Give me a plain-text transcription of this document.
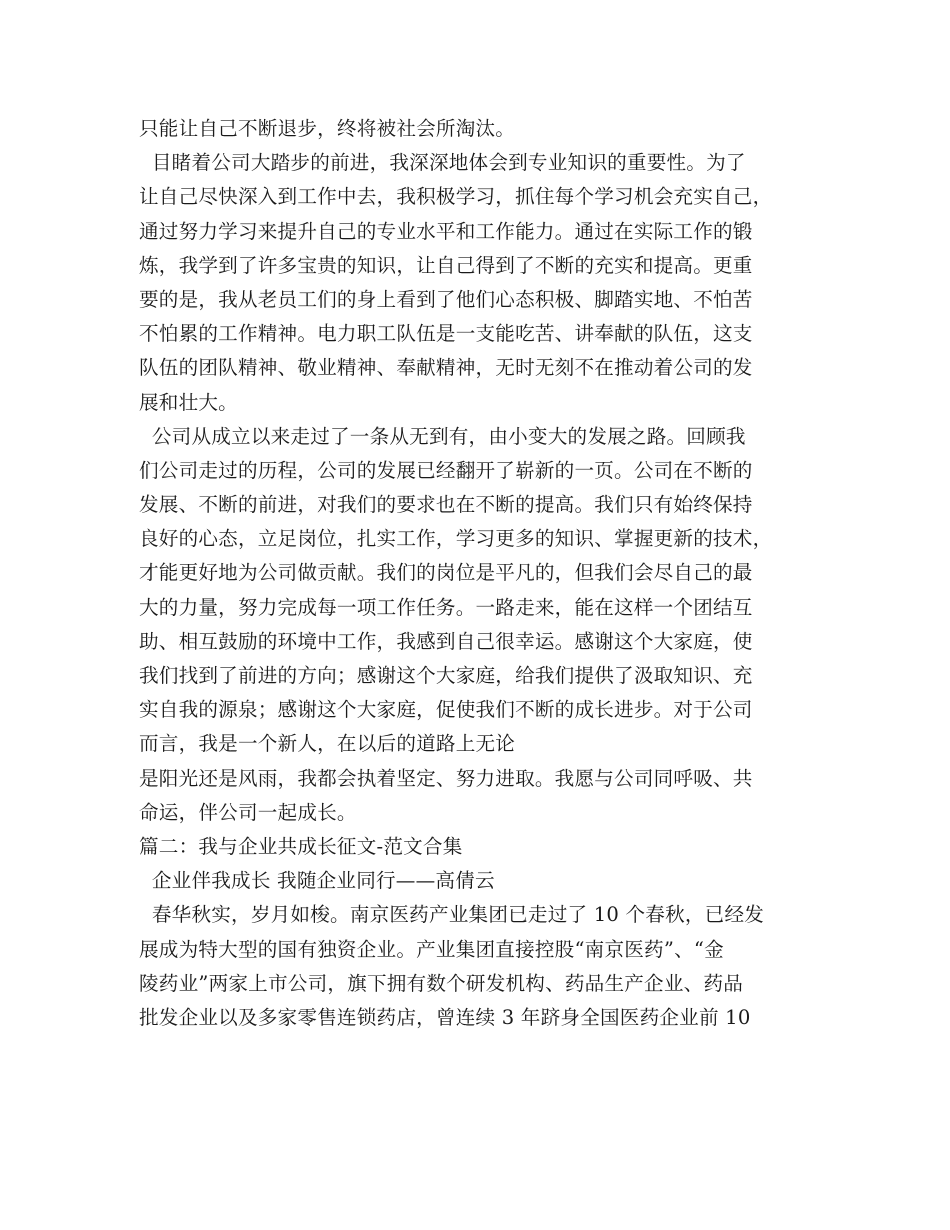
只能让自己不断退步，终将被社会所淘汰。
目睹着公司大踏步的前进，我深深地体会到专业知识的重要性。为了
让自己尽快深入到工作中去，我积极学习，抓住每个学习机会充实自己，
通过努力学习来提升自己的专业水平和工作能力。通过在实际工作的锻
炼，我学到了许多宝贵的知识，让自己得到了不断的充实和提高。更重
要的是，我从老员工们的身上看到了他们心态积极、脚踏实地、不怕苦
不怕累的工作精神。电力职工队伍是一支能吃苦、讲奉献的队伍，这支
队伍的团队精神、敬业精神、奉献精神，无时无刻不在推动着公司的发
展和壮大。
公司从成立以来走过了一条从无到有，由小变大的发展之路。回顾我
们公司走过的历程，公司的发展已经翻开了崭新的一页。公司在不断的
发展、不断的前进，对我们的要求也在不断的提高。我们只有始终保持
良好的心态，立足岗位，扎实工作，学习更多的知识、掌握更新的技术，
才能更好地为公司做贡献。我们的岗位是平凡的，但我们会尽自己的最
大的力量，努力完成每一项工作任务。一路走来，能在这样一个团结互
助、相互鼓励的环境中工作，我感到自己很幸运。感谢这个大家庭，使
我们找到了前进的方向；感谢这个大家庭，给我们提供了汲取知识、充
实自我的源泉；感谢这个大家庭，促使我们不断的成长进步。对于公司
而言，我是一个新人，在以后的道路上无论
是阳光还是风雨，我都会执着坚定、努力进取。我愿与公司同呼吸、共
命运，伴公司一起成长。
篇二：我与企业共成长征文-范文合集
企业伴我成长 我随企业同行——高倩云
春华秋实，岁月如梭。南京医药产业集团已走过了 10 个春秋，已经发
展成为特大型的国有独资企业。产业集团直接控股“南京医药”、“金
陵药业”两家上市公司，旗下拥有数个研发机构、药品生产企业、药品
批发企业以及多家零售连锁药店，曾连续 3 年跻身全国医药企业前 10
